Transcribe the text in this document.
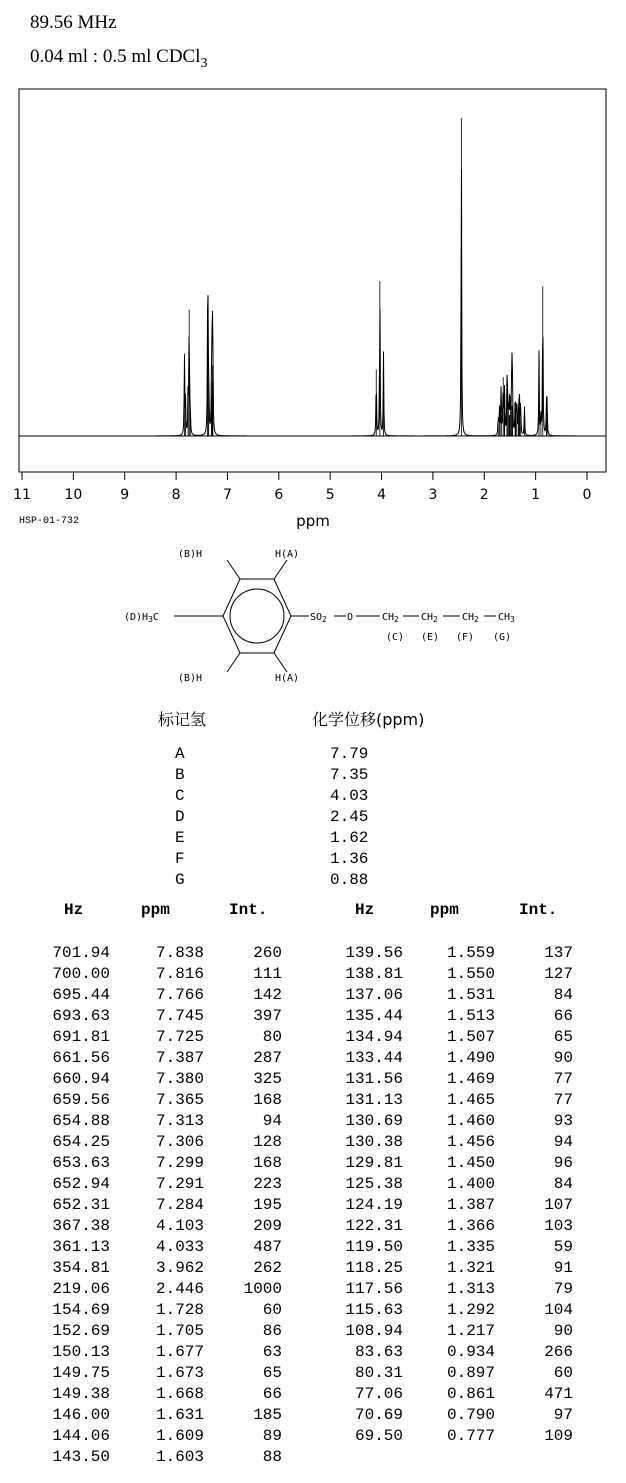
89.56 MHz
0.04 ml : 0.5 ml CDCl$_3$
11 10	9	8	7	6	5	4	3	2	1	0
ppm
HSP-01-732
(B)H	H(A)
$(D)H_3C$
(B)H	H(A)
$SO_2$ O	$CH_2$ $CH_2$ $CH_2$ $CH_3$
(C) (E) (F) (G)
标记氢	化学位移(ppm)
A	7.79
B	7.35
C	4.03
D	2.45
E	1.62
F	1.36
G	0.88
Hz	ppm	Int.	Hz	ppm	Int.
701.94	7.838	260
700.00	7.816	111
695.44	7.766	142
693.63	7.745	397
691.81	7.725	80
661.56	7.387	287
660.94	7.380	325
659.56	7.365	168
654.88	7.313	94
654.25	7.306	128
653.63	7.299	168
652.94	7.291	223
652.31	7.284	195
367.38	4.103	209
361.13	4.033	487
354.81	3.962	262
219.06	2.446	1000
154.69	1.728	60
152.69	1.705	86
150.13	1.677	63
149.75	1.673	65
149.38	1.668	66
146.00	1.631	185
144.06	1.609	89
143.50	1.603	88
139.56	1.559	137
138.81	1.550	127
137.06	1.531	84
135.44	1.513	66
134.94	1.507	65
133.44	1.490	90
131.56	1.469	77
131.13	1.465	77
130.69	1.460	93
130.38	1.456	94
129.81	1.450	96
125.38	1.400	84
124.19	1.387	107
122.31	1.366	103
119.50	1.335	59
118.25	1.321	91
117.56	1.313	79
115.63	1.292	104
108.94	1.217	90
83.63	0.934	266
80.31	0.897	60
77.06	0.861	471
70.69	0.790	97
69.50	0.777	109
